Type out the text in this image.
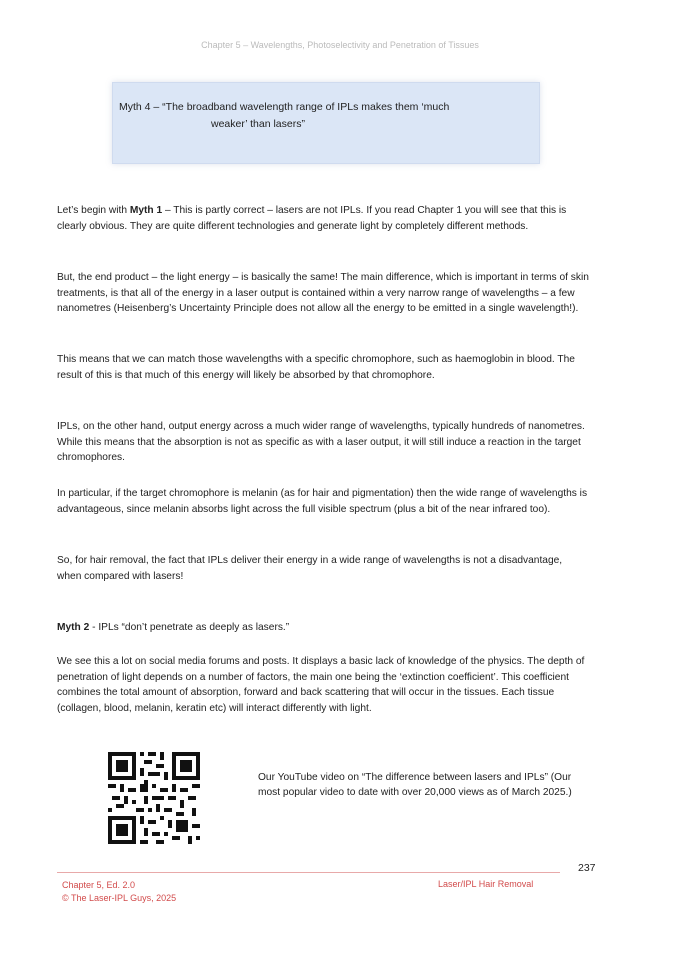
Chapter 5 – Wavelengths, Photoselectivity and Penetration of Tissues
Myth 4 – “The broadband wavelength range of IPLs makes them ‘much
weaker’ than lasers”

Let’s begin with Myth 1 – This is partly correct – lasers are not IPLs. If you read Chapter 1 you will see that this is clearly obvious. They are quite different technologies and generate light by completely different methods.

But, the end product – the light energy – is basically the same! The main difference, which is important in terms of skin treatments, is that all of the energy in a laser output is contained within a very narrow range of wavelengths – a few nanometres (Heisenberg’s Uncertainty Principle does not allow all the energy to be emitted in a single wavelength!).

This means that we can match those wavelengths with a specific chromophore, such as haemoglobin in blood. The result of this is that much of this energy will likely be absorbed by that chromophore.

IPLs, on the other hand, output energy across a much wider range of wavelengths, typically hundreds of nanometres. While this means that the absorption is not as specific as with a laser output, it will still induce a reaction in the target chromophores.

In particular, if the target chromophore is melanin (as for hair and pigmentation) then the wide range of wavelengths is advantageous, since melanin absorbs light across the full visible spectrum (plus a bit of the near infrared too).

So, for hair removal, the fact that IPLs deliver their energy in a wide range of wavelengths is not a disadvantage, when compared with lasers!

Myth 2 - IPLs “don’t penetrate as deeply as lasers.”

We see this a lot on social media forums and posts. It displays a basic lack of knowledge of the physics. The depth of penetration of light depends on a number of factors, the main one being the ‘extinction coefficient’. This coefficient combines the total amount of absorption, forward and back scattering that will occur in the tissues. Each tissue (collagen, blood, melanin, keratin etc) will interact differently with light.

Our YouTube video on “The difference between lasers and IPLs” (Our most popular video to date with over 20,000 views as of March 2025.)

237
Chapter 5, Ed. 2.0
© The Laser-IPL Guys, 2025
Laser/IPL Hair Removal
